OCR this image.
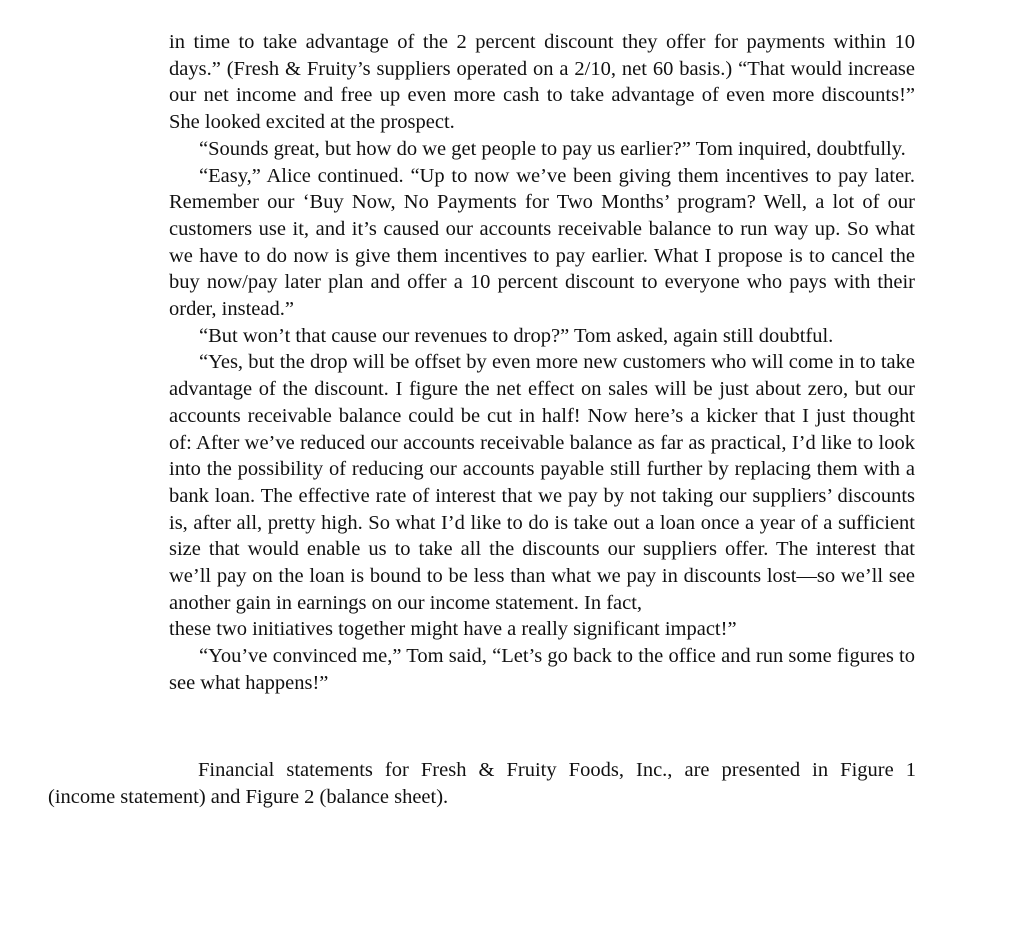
in time to take advantage of the 2 percent discount they offer for payments within 10 days.” (Fresh & Fruity’s suppliers operated on a 2/10, net 60 basis.) “That would increase our net income and free up even more cash to take advantage of even more discounts!” She looked excited at the prospect.

“Sounds great, but how do we get people to pay us earlier?” Tom inquired, doubtfully.

“Easy,” Alice continued. “Up to now we’ve been giving them incentives to pay later. Remember our ‘Buy Now, No Payments for Two Months’ program? Well, a lot of our customers use it, and it’s caused our accounts receivable balance to run way up. So what we have to do now is give them incentives to pay earlier. What I propose is to cancel the buy now/pay later plan and offer a 10 percent discount to everyone who pays with their order, instead.”

“But won’t that cause our revenues to drop?” Tom asked, again still doubtful.

“Yes, but the drop will be offset by even more new customers who will come in to take advantage of the discount. I figure the net effect on sales will be just about zero, but our accounts receivable balance could be cut in half! Now here’s a kicker that I just thought of: After we’ve reduced our accounts receivable balance as far as practical, I’d like to look into the possibility of reducing our accounts payable still further by replacing them with a bank loan. The effective rate of interest that we pay by not taking our suppliers’ discounts is, after all, pretty high. So what I’d like to do is take out a loan once a year of a sufficient size that would enable us to take all the discounts our suppliers offer. The interest that we’ll pay on the loan is bound to be less than what we pay in discounts lost—so we’ll see another gain in earnings on our income statement. In fact,
these two initiatives together might have a really significant impact!”

“You’ve convinced me,” Tom said, “Let’s go back to the office and run some figures to see what happens!”

Financial statements for Fresh & Fruity Foods, Inc., are presented in Figure 1
(income statement) and Figure 2 (balance sheet).
